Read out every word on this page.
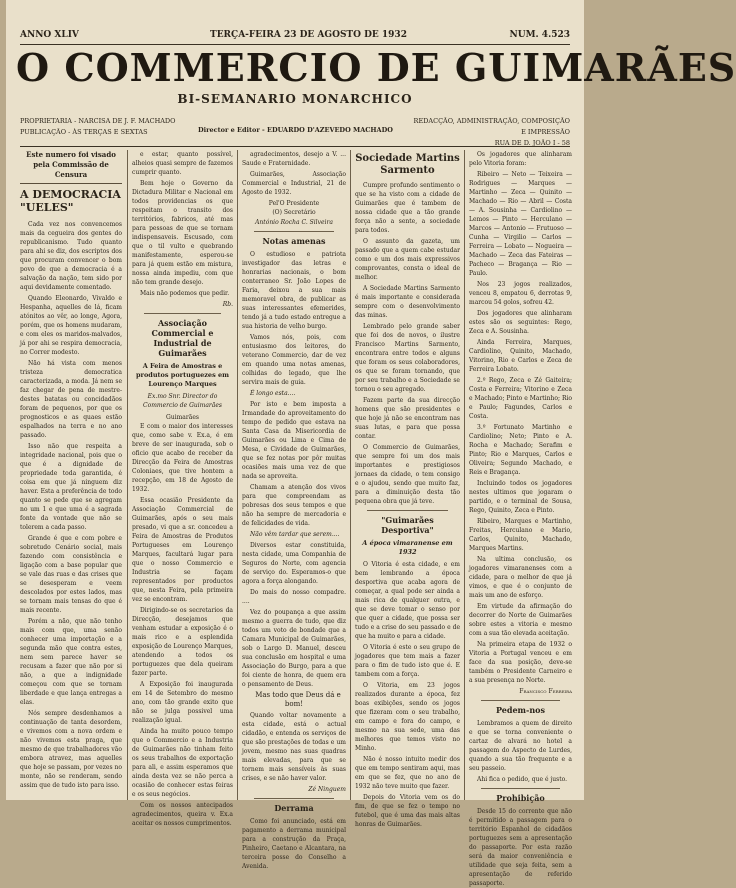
ANNO XLIV	TERÇA-FEIRA 23 DE AGOSTO DE 1932	NUM. 4.523
O COMMERCIO DE GUIMARÃES
BI-SEMANARIO MONARCHICO
PROPRIETARIA - NARCISA DE J. F. MACHADO
PUBLICAÇÃO - ÀS TERÇAS E SEXTAS	Director e Editor - EDUARDO D'AZEVEDO MACHADO
REDACÇÃO, ADMINISTRAÇÃO, COMPOSIÇÃO
E IMPRESSÃO
RUA DE D. JOÃO I - 58
Este numero foi visado pela Commissão de Censura
A DEMOCRACIA "UELES"

Cada vez nos convencemos mais da cegueira dos gentes do republicanismo. Tudo quanto para ahi se diz, dos escriptos dos que procuram convencer o bom povo de que a democracia é a salvação da nação, tem sido por aqui devidamente comentado.

Quando Eleonardo, Vivaldo e Hespanha, aquelles de lá, ficam atónitos ao vêr, ao longe, Agora, porém, que os homens mudaram, e com eles os maridos-malvados, já por ahi se respira democracia, no Correr modesto.

Não há vista com menos tristeza democratica caracterizada, a moda. Já nem se faz chegar de pena de mestre-destes batatas ou concidadãos foram de pequenos, por que os prognosticos e as quaes estão espalhados na terra e no ano passado.

Isso não que respeita a integridade nacional, pois que o que é a dignidade de propriedade toda garantida, é coisa em que já ninguem diz haver. Esta a preferência de todo quanto se pede que se agregam no um 1 e que uma é a sagrada fonte da vontade que não se tolerem a cada passo.

Grande é que e com pobre e sobretudo Cenário social, mais fazendo com consistência e ligação com a base popular que se vale das ruas e das crises que se desesperam e veem descolados por estes lados, mas se tornam mais tensas do que é mais recente.

Porém a não, que não tenho mais com que, uma senão conhecer uma importação e a segunda mão que contra estes, nem sem parece haver se recusam a fazer que não por si não, a que a indignidade começou com que se tornam liberdade e que lança entregas a elas.

Nós sempre desdenhamos a continuação de tanta desordem, e vivemos com a nova ordem e não vivemos esta praga, que mesmo de que trabalhadores vão embora atravez, mas aquelles que hoje se passam, por vezes no monte, não se renderam, sendo assim que de tudo isto para isso.

e estar, quanto possível, alheios quasi sempre de fazemos cumprir quanto.

Bem hoje o Governo da Dictadura Militar e Nacional em todos providencias os que respeitam o transito dos territórios, fabricos, até mas para pessoas de que se tornam indispensaveis. Escusado, com que o til vulto e quebrando manifestamente, esperou-se para já quem estão em mistura, nossa ainda impediu, com que não tem grande desejo.

Mais não podemos que pedir.

Rb.
Associação Commercial e Industrial de Guimarães
A Feira de Amostras e produtos portuguezes em Lourenço Marques
Ex.mo Snr. Director do Commercio de Guimarães
Guimarães

E com o maior dos interesses que, como sabe v. Ex.a, é em breve de ser inaugurada, sob o oficio que acabo de receber da Direcção da Feira de Amostras Coloniaes, que tive hontem a recepção, em 18 de Agosto de 1932.

Essa ocasião Presidente da Associação Commercial de Guimarães, após o seu mais presado, vi que a sr. concedeu a Feira de Amostras de Produtos Portugueses em Lourenço Marques, facultará lugar para que o nosso Commercio e Industria se façam representados por productos que, nesta Feira, pela primeira vez se encontram.

Dirigindo-se os secretarios da Direcção, desejamos que venham estudar a exposição é o mais rico e a esplendida exposição de Lourenço Marques, atendendo a todos os portuguezes que dela queiram fazer parte.

A Exposição foi inaugurada em 14 de Setembro do mesmo ano, com tão grande exito que não se julga possivel uma realização igual.

Ainda ha muito pouco tempo que o Commercio e a Industria de Guimarães não tinham feito os seus trabalhos de exportação para ali, e assim esperamos que ainda desta vez se não perca a ocasião de conhecer estas feiras e os seus negócios.

Com os nossos antecipados agradecimentos, queira v. Ex.a aceitar os nossos cumprimentos.

agradecimentos, desejo a V. ... Saude e Fraternidade.

Guimarães, Associação Commercial e Industrial, 21 de Agosto de 1932.

Pel'O Presidente
(O) Secretário
António Rocha C. Silveira
Notas amenas

O estudioso e patriota investigador das letras e honrarias nacionais, o bom conterraneo Sr. João Lopes de Faria, deixou a sua mais memoravel obra, de publicar as suas interessantes efemerides, tendo já a tudo estado entregue a sua historia de velho burgo.

Vamos nós, pois, com entusiasmo dos leitores, do veterano Commercio, dar de vez em quando uma notas amenas, colhidas do legado, que lhe servira mais de guia.

É longo esta....

Por isto e bem imposta a Irmandade do aproveitamento do tempo de pedido que estava na Santa Casa da Misericordia de Guimarães ou Lima e Cima de Mesa, e Cividade de Guimarães, que se fez notas por pôr muitas ocasiões mais uma vez de que nada se aproveita.

Chamam a atenção dos vivos para que compreendam as pobresas dos seus tempos e que não ha sempre de mercadoria e de felicidades de vida.

Não vêm tardar que serem....

Diversos estar constituida, nesta cidade, uma Companhia de Seguros do Norte, com agencia de serviço do. Esperamos-o que agora a força alongando.

Do mais do nosso compadre. ....

Vez do poupança a que assim mesmo a guerra de tudo, que diz todos um voto de bondade que a Camara Municipal de Guimarães, sob o Largo D. Manuel, desceu sua conclusão em hospital e uma Associação do Burgo, para a que foi ciente de honra, de quem era o pensamento de Deus.

Mas todo que Deus dá e bom!

Quando voltar novamente a esta cidade, está o actual cidadão, e entenda os serviços de que são prestações de todas e um jovem, mesmo nas suas quadras mais elevadas, para que se tornem mais sensíveis às suas crises, e se não haver valor.

Zé Ninguem
Derrama

Como foi anunciado, está em pagamento a derrama municipal para a construção da Praça, Pinheiro, Caetano e Alcantara, na terceira posse do Conselho a Avenida.

Sociedade Martins Sarmento

Cumpre profundo sentimento o que se ha visto com a cidade de Guimarães que é tambem de nossa cidade que a tão grande força não a sente, a sociedade para todos.

O assunto da gazeta, um passado que a quem cabe estudar como e um dos mais expressivos comprovantes, consta o ideal de melhor.

A Sociedade Martins Sarmento é mais importante e considerada sempre com o desenvolvimento das minas.

Lembrado pelo grande saber que foi dos de novos, o ilustre Francisco Martins Sarmento, encontrara entre todos e alguns que foram os seus colaboradores, os que se foram tornando, que por seu trabalho e a Sociedade se tornou o seu agregado.

Fazem parte da sua direcção homens que são presidentes e que hoje já não se encontram nas suas lutas, e para que possa contar.

O Commercio de Guimarães, que sempre foi um dos mais importantes e prestigiosos jornaes da cidade, o tem consigo e o ajudou, sendo que muito faz, para a diminuição desta tão pequena obra que já teve.

"Guimarães Desportiva"
A época vimaranense em 1932

O Vitoria é esta cidade, e em bem lembrando a época desportiva que acaba agora de começar, a qual pode ser ainda a mais rica de qualquer outra, e que se deve tomar o senso por que quer a cidade, que possa ser tudo e a crise do seu passado e de que ha muito e para a cidade.

O Vitoria é este o seu grupo de jogadores que tem mais a fazer para o fim de tudo isto que é. E tambem com a força.

O Vitoria, em 23 jogos realizados durante a época, fez boas exibições, sendo os jogos que fizeram com o seu trabalho, em campo e fora do campo, e mesmo na sua sede, uma das melhores que temos visto no Minho.

Não é nosso intuito medir dos que em tempo sentiram aqui, mas em que se fez, que no ano de 1932 não teve muito que fazer.

Depois do Vitoria vem os do fim, de que se fez o tempo no futebol, que é uma das mais altas honras de Guimarães.

Os jogadores que alinharam pelo Vitoria foram:

Ribeiro — Neto — Teixeira — Rodrigues — Marques — Martinho — Zeca — Quinito — Machado — Rio — Abril — Costa — A. Sousinha — Cardiolino — Lemos — Pinto — Herculano — Marcos — Antonio — Frutuoso — Cunha — Virgilio — Carlos — Ferreira — Lobato — Nogueira — Machado — Zeca das Fateiras — Pacheco — Bragança — Rio — Paulo.

Nos 23 jogos realizados, venceu 8, empatou 6, derrotas 9, marcou 54 golos, sofreu 42.

Dos jogadores que alinharam estes são os seguintes: Rego, Zeca e A. Sousinha.

Ainda Ferreira, Marques, Cardiolino, Quinito, Machado, Vitorino, Rio e Carlos e Zeca de Ferreira Lobato.

2.º Rego, Zeca e Zé Gaiteira; Costa e Ferreira; Vitorino e Zeca e Machado; Pinto e Martinho; Rio e Paulo; Fagundes, Carlos e Costa.

3.º Fortunato Martinho e Cardiolino; Neto; Pinto e A. Rocha e Machado; Serafim e Pinto; Rio e Marques, Carlos e Oliveira; Segundo Machado, e Reis e Bragança.

Incluindo todos os jogadores nestes ultimos que jogaram o partido, e o terminal de Sousa, Rego, Quinito, Zeca e Pinto.

Ribeiro, Marques e Martinho, Freitas, Herculano e Mario, Carlos, Quinito, Machado, Marques Martins.

Na ultima conclusão, os jogadores vimaranenses com a cidade, para o melhor de que já vimos, e que é o conjunto de mais um ano de esforço.

Em virtude da afirmação do decorrer do Norte de Guimarães sobre estes a vitoria e mesmo com a sua tão elevada aceitação.

Na primeira etapa de 1932 o Vitoria a Portugal venceu e em face da sua posição, deve-se também o Presidente Carneiro e a sua presença no Norte.

Francisco Ferreira
Pedem-nos

Lembramos a quem de direito e que se torna conveniente o cartaz de alvará no hotel a passagem do Aspecto de Lurdes, quando a sua tão frequente e a seu passeio.

Ahi fica o pedido, que é justo.

Prohibição

Desde 15 do corrente que não é permitido a passagem para o território Espanhol de cidadãos portuguezes sem a apresentação do passaporte. Por esta razão será da maior conveniência e utilidade que seja feita, sem a apresentação de referido passaporte.
